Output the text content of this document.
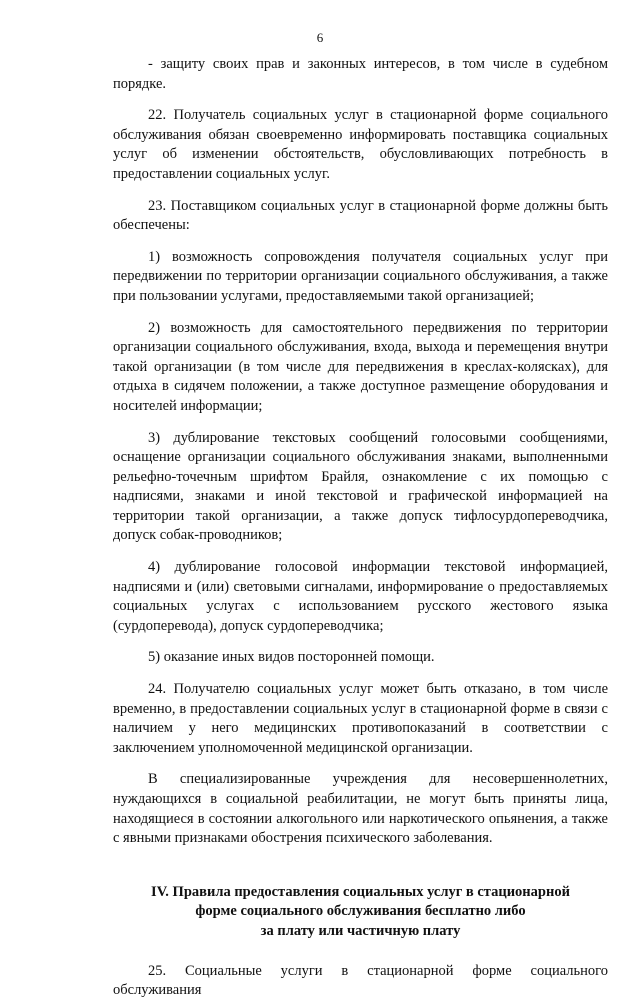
6

- защиту своих прав и законных интересов, в том числе в судебном порядке.

22. Получатель социальных услуг в стационарной форме социального обслуживания обязан своевременно информировать поставщика социальных услуг об изменении обстоятельств, обусловливающих потребность в предоставлении социальных услуг.

23. Поставщиком социальных услуг в стационарной форме должны быть обеспечены:

1) возможность сопровождения получателя социальных услуг при передвижении по территории организации социального обслуживания, а также при пользовании услугами, предоставляемыми такой организацией;

2) возможность для самостоятельного передвижения по территории организации социального обслуживания, входа, выхода и перемещения внутри такой организации (в том числе для передвижения в креслах-колясках), для отдыха в сидячем положении, а также доступное размещение оборудования и носителей информации;

3) дублирование текстовых сообщений голосовыми сообщениями, оснащение организации социального обслуживания знаками, выполненными рельефно-точечным шрифтом Брайля, ознакомление с их помощью с надписями, знаками и иной текстовой и графической информацией на территории такой организации, а также допуск тифлосурдопереводчика, допуск собак-проводников;

4) дублирование голосовой информации текстовой информацией, надписями и (или) световыми сигналами, информирование о предоставляемых социальных услугах с использованием русского жестового языка (сурдоперевода), допуск сурдопереводчика;

5) оказание иных видов посторонней помощи.

24. Получателю социальных услуг может быть отказано, в том числе временно, в предоставлении социальных услуг в стационарной форме в связи с наличием у него медицинских противопоказаний в соответствии с заключением уполномоченной медицинской организации.

В специализированные учреждения для несовершеннолетних, нуждающихся в социальной реабилитации, не могут быть приняты лица, находящиеся в состоянии алкогольного или наркотического опьянения, а также с явными признаками обострения психического заболевания.

IV. Правила предоставления социальных услуг в стационарной
форме социального обслуживания бесплатно либо
за плату или частичную плату

25. Социальные услуги в стационарной форме социального обслуживания
